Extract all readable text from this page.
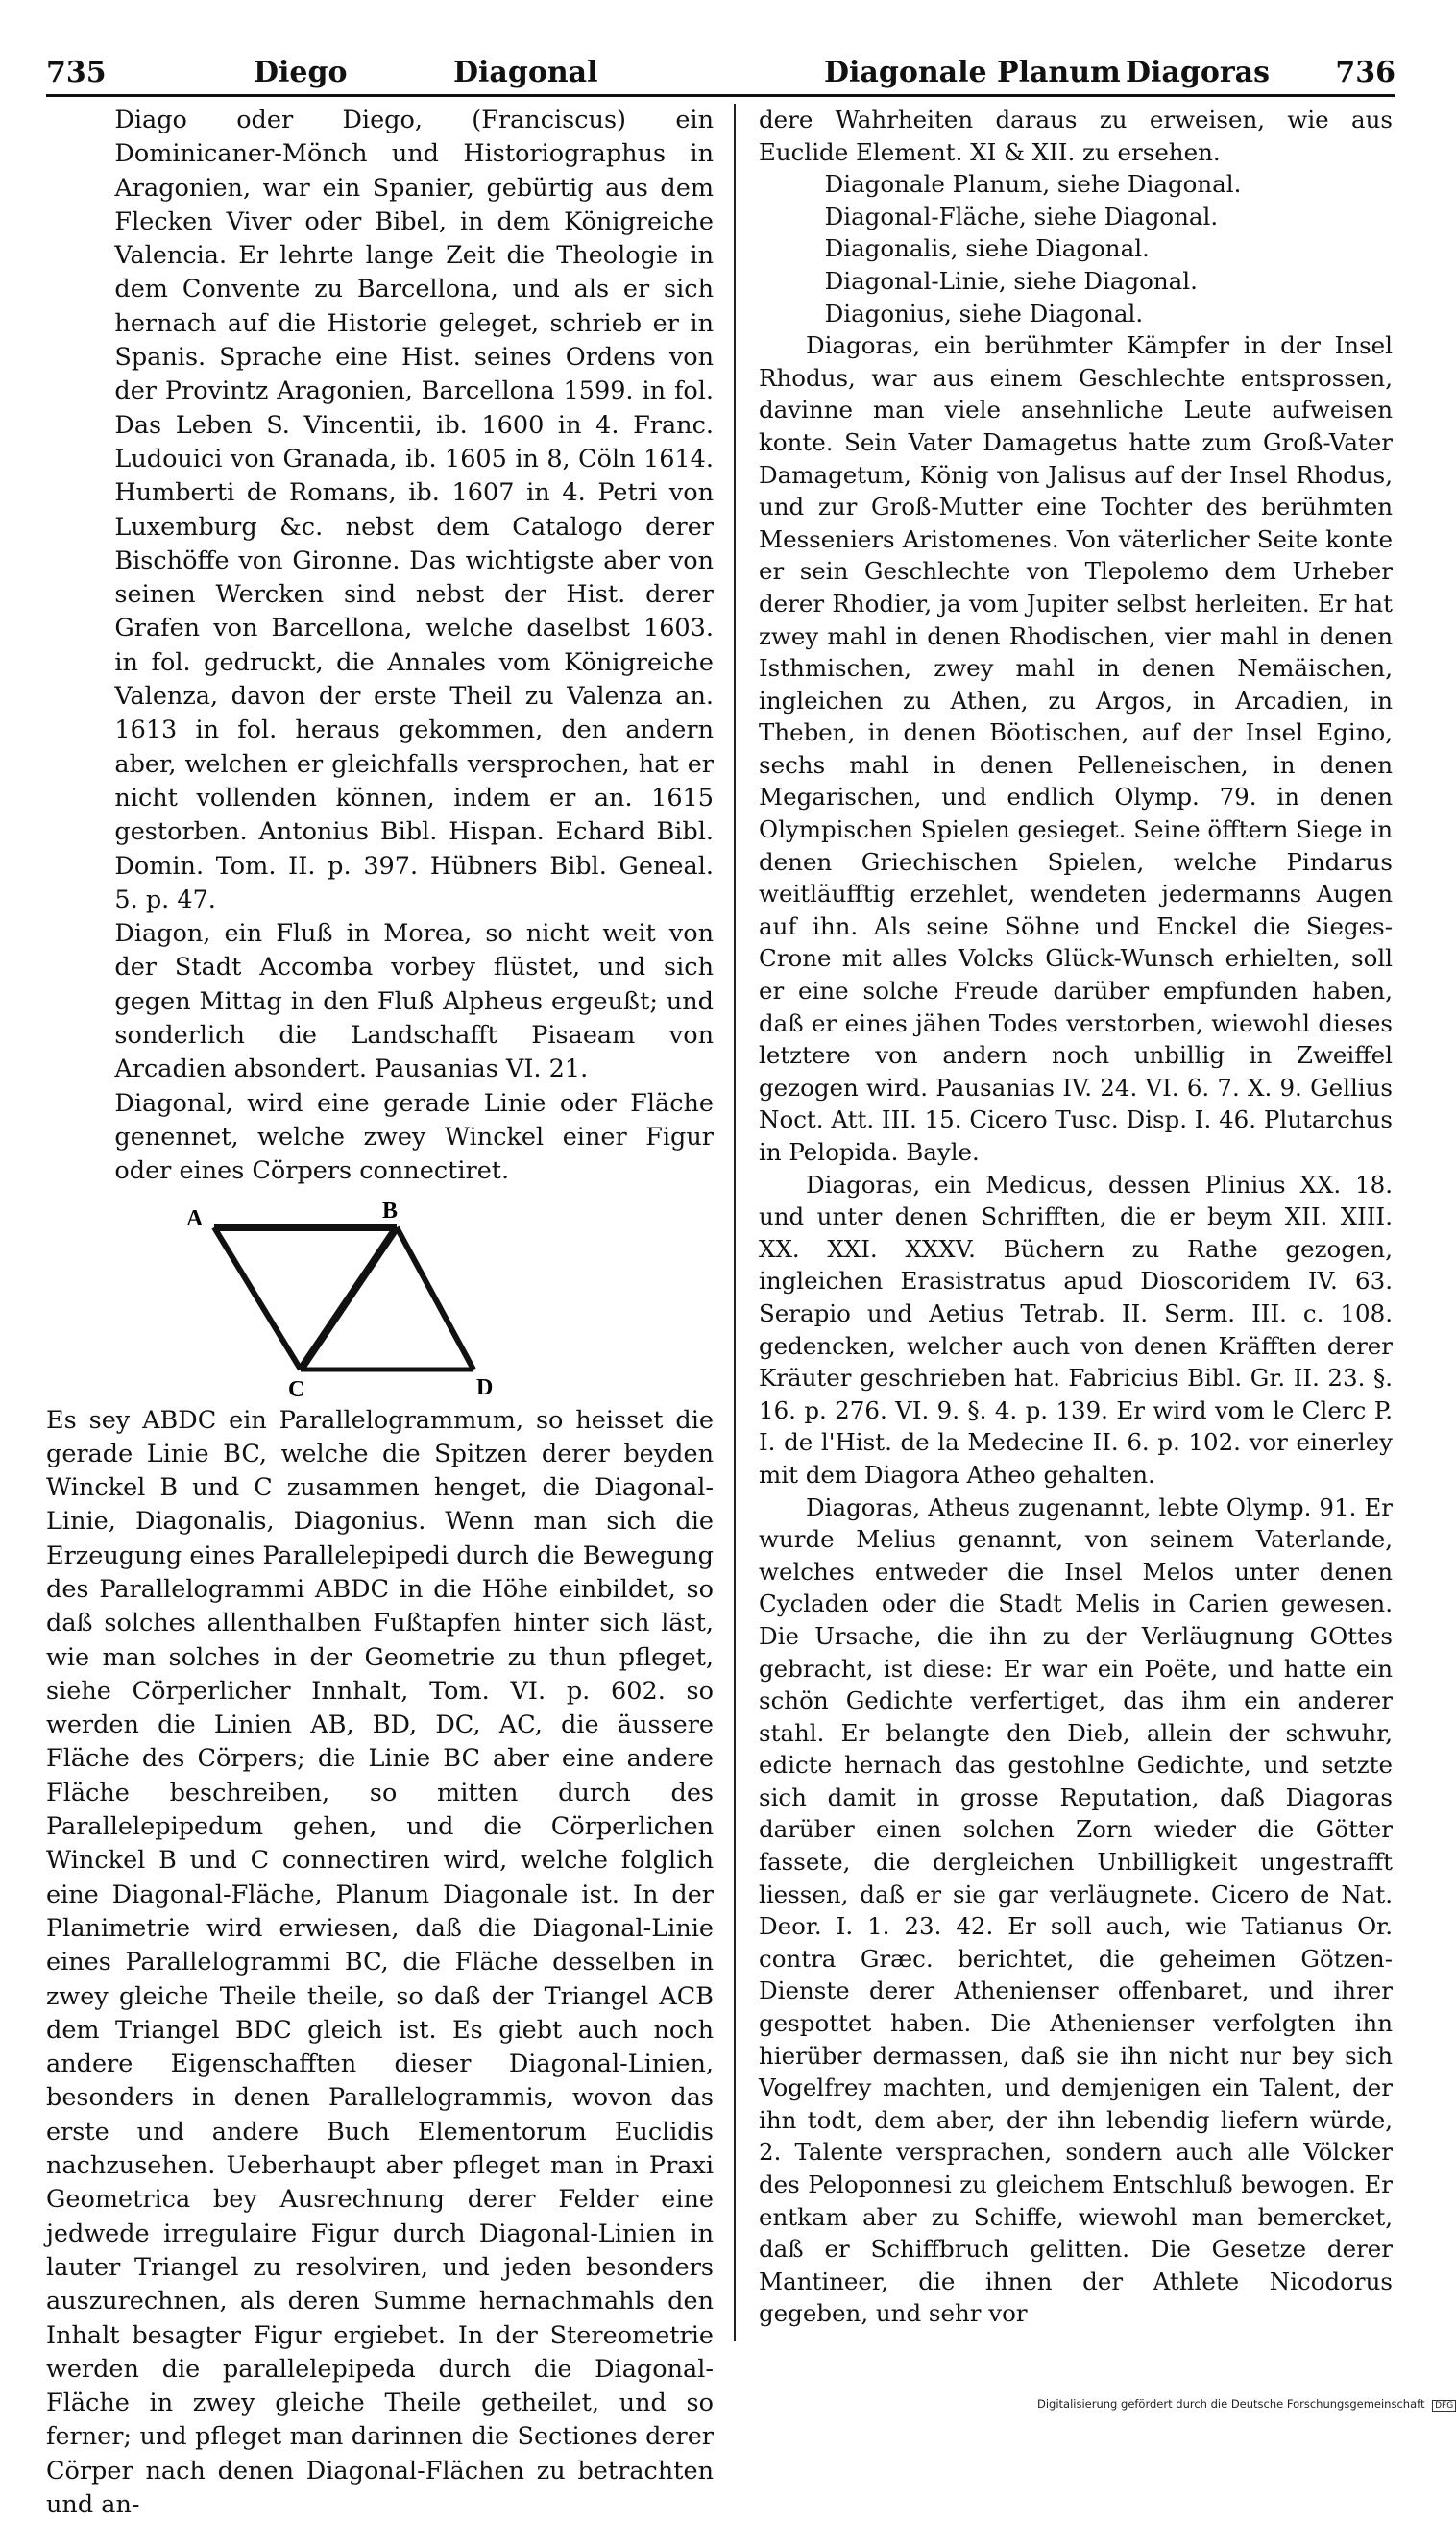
735	Diego	Diagonal	Diagonale Planum Diagoras 736

Diago oder Diego, (Franciscus) ein Dominicaner-Mönch und Historiographus in Aragonien, war ein Spanier, gebürtig aus dem Flecken Viver oder Bibel, in dem Königreiche Valencia. Er lehrte lange Zeit die Theologie in dem Convente zu Barcellona, und als er sich hernach auf die Historie geleget, schrieb er in Spanis. Sprache eine Hist. seines Ordens von der Provintz Aragonien, Barcellona 1599. in fol. Das Leben S. Vincentii, ib. 1600 in 4. Franc. Ludouici von Granada, ib. 1605 in 8, Cöln 1614. Humberti de Romans, ib. 1607 in 4. Petri von Luxemburg &c. nebst dem Catalogo derer Bischöffe von Gironne. Das wichtigste aber von seinen Wercken sind nebst der Hist. derer Grafen von Barcellona, welche daselbst 1603. in fol. gedruckt, die Annales vom Königreiche Valenza, davon der erste Theil zu Valenza an. 1613 in fol. heraus gekommen, den andern aber, welchen er gleichfalls versprochen, hat er nicht vollenden können, indem er an. 1615 gestorben. Antonius Bibl. Hispan. Echard Bibl. Domin. Tom. II. p. 397. Hübners Bibl. Geneal. 5. p. 47.

Diagon, ein Fluß in Morea, so nicht weit von der Stadt Accomba vorbey flüstet, und sich gegen Mittag in den Fluß Alpheus ergeußt; und sonderlich die Landschafft Pisaeam von Arcadien absondert. Pausanias VI. 21.

Diagonal, wird eine gerade Linie oder Fläche genennet, welche zwey Winckel einer Figur oder eines Cörpers connectiret.

A	B
C	D

Es sey ABDC ein Parallelogrammum, so heisset die gerade Linie BC, welche die Spitzen derer beyden Winckel B und C zusammen henget, die Diagonal-Linie, Diagonalis, Diagonius. Wenn man sich die Erzeugung eines Parallelepipedi durch die Bewegung des Parallelogrammi ABDC in die Höhe einbildet, so daß solches allenthalben Fußtapfen hinter sich läst, wie man solches in der Geometrie zu thun pfleget, siehe Cörperlicher Innhalt, Tom. VI. p. 602. so werden die Linien AB, BD, DC, AC, die äussere Fläche des Cörpers; die Linie BC aber eine andere Fläche beschreiben, so mitten durch des Parallelepipedum gehen, und die Cörperlichen Winckel B und C connectiren wird, welche folglich eine Diagonal-Fläche, Planum Diagonale ist. In der Planimetrie wird erwiesen, daß die Diagonal-Linie eines Parallelogrammi BC, die Fläche desselben in zwey gleiche Theile theile, so daß der Triangel ACB dem Triangel BDC gleich ist. Es giebt auch noch andere Eigenschafften dieser Diagonal-Linien, besonders in denen Parallelogrammis, wovon das erste und andere Buch Elementorum Euclidis nachzusehen. Ueberhaupt aber pfleget man in Praxi Geometrica bey Ausrechnung derer Felder eine jedwede irregulaire Figur durch Diagonal-Linien in lauter Triangel zu resolviren, und jeden besonders auszurechnen, als deren Summe hernachmahls den Inhalt besagter Figur ergiebet. In der Stereometrie werden die parallelepipeda durch die Diagonal-Fläche in zwey gleiche Theile getheilet, und so ferner; und pfleget man darinnen die Sectiones derer Cörper nach denen Diagonal-Flächen zu betrachten und an-

dere Wahrheiten daraus zu erweisen, wie aus Euclide Element. XI & XII. zu ersehen.

Diagonale Planum, siehe Diagonal.

Diagonal-Fläche, siehe Diagonal.

Diagonalis, siehe Diagonal.

Diagonal-Linie, siehe Diagonal.

Diagonius, siehe Diagonal.

Diagoras, ein berühmter Kämpfer in der Insel Rhodus, war aus einem Geschlechte entsprossen, davinne man viele ansehnliche Leute aufweisen konte. Sein Vater Damagetus hatte zum Groß-Vater Damagetum, König von Jalisus auf der Insel Rhodus, und zur Groß-Mutter eine Tochter des berühmten Messeniers Aristomenes. Von väterlicher Seite konte er sein Geschlechte von Tlepolemo dem Urheber derer Rhodier, ja vom Jupiter selbst herleiten. Er hat zwey mahl in denen Rhodischen, vier mahl in denen Isthmischen, zwey mahl in denen Nemäischen, ingleichen zu Athen, zu Argos, in Arcadien, in Theben, in denen Böotischen, auf der Insel Egino, sechs mahl in denen Pelleneischen, in denen Megarischen, und endlich Olymp. 79. in denen Olympischen Spielen gesieget. Seine öfftern Siege in denen Griechischen Spielen, welche Pindarus weitläufftig erzehlet, wendeten jedermanns Augen auf ihn. Als seine Söhne und Enckel die Sieges-Crone mit alles Volcks Glück-Wunsch erhielten, soll er eine solche Freude darüber empfunden haben, daß er eines jähen Todes verstorben, wiewohl dieses letztere von andern noch unbillig in Zweiffel gezogen wird. Pausanias IV. 24. VI. 6. 7. X. 9. Gellius Noct. Att. III. 15. Cicero Tusc. Disp. I. 46. Plutarchus in Pelopida. Bayle.

Diagoras, ein Medicus, dessen Plinius XX. 18. und unter denen Schrifften, die er beym XII. XIII. XX. XXI. XXXV. Büchern zu Rathe gezogen, ingleichen Erasistratus apud Dioscoridem IV. 63. Serapio und Aetius Tetrab. II. Serm. III. c. 108. gedencken, welcher auch von denen Kräfften derer Kräuter geschrieben hat. Fabricius Bibl. Gr. II. 23. §. 16. p. 276. VI. 9. §. 4. p. 139. Er wird vom le Clerc P. I. de l'Hist. de la Medecine II. 6. p. 102. vor einerley mit dem Diagora Atheo gehalten.

Diagoras, Atheus zugenannt, lebte Olymp. 91. Er wurde Melius genannt, von seinem Vaterlande, welches entweder die Insel Melos unter denen Cycladen oder die Stadt Melis in Carien gewesen. Die Ursache, die ihn zu der Verläugnung GOttes gebracht, ist diese: Er war ein Poëte, und hatte ein schön Gedichte verfertiget, das ihm ein anderer stahl. Er belangte den Dieb, allein der schwuhr, edicte hernach das gestohlne Gedichte, und setzte sich damit in grosse Reputation, daß Diagoras darüber einen solchen Zorn wieder die Götter fassete, die dergleichen Unbilligkeit ungestrafft liessen, daß er sie gar verläugnete. Cicero de Nat. Deor. I. 1. 23. 42. Er soll auch, wie Tatianus Or. contra Græc. berichtet, die geheimen Götzen-Dienste derer Athenienser offenbaret, und ihrer gespottet haben. Die Athenienser verfolgten ihn hierüber dermassen, daß sie ihn nicht nur bey sich Vogelfrey machten, und demjenigen ein Talent, der ihn todt, dem aber, der ihn lebendig liefern würde, 2. Talente versprachen, sondern auch alle Völcker des Peloponnesi zu gleichem Entschluß bewogen. Er entkam aber zu Schiffe, wiewohl man bemercket, daß er Schiffbruch gelitten. Die Gesetze derer Mantineer, die ihnen der Athlete Nicodorus gegeben, und sehr vor

Digitalisierung gefördert durch die Deutsche Forschungsgemeinschaft DFG
